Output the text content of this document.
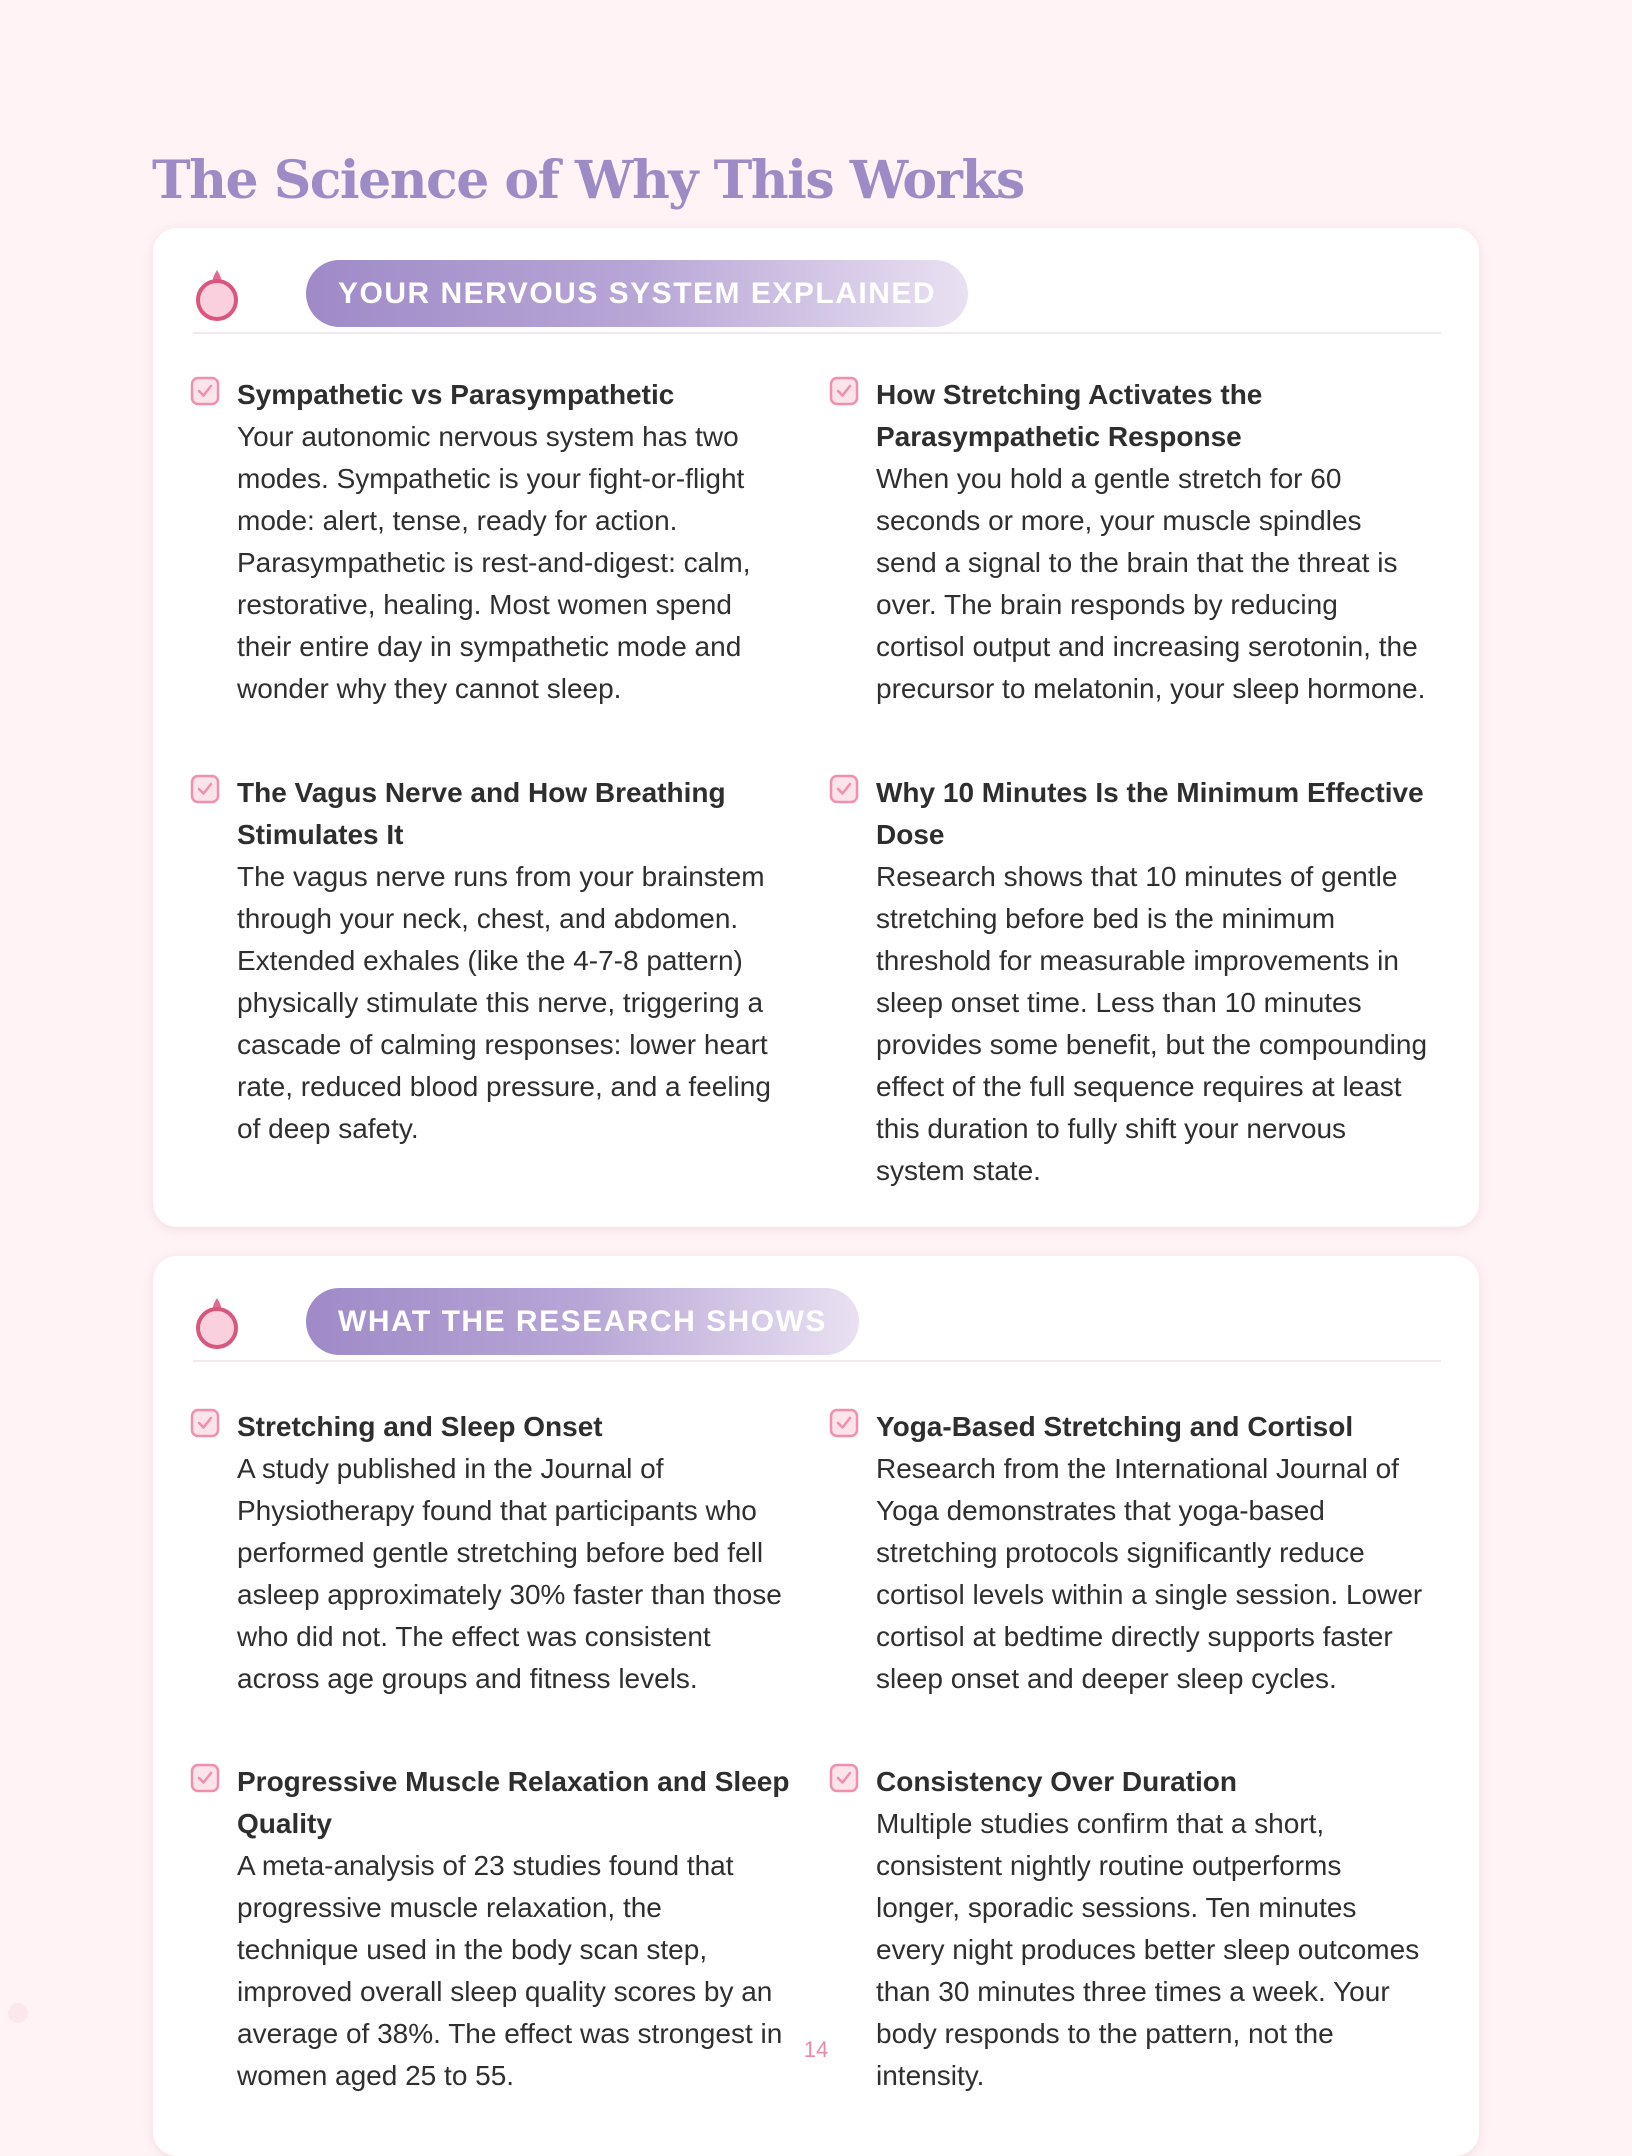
The Science of Why This Works
YOUR NERVOUS SYSTEM EXPLAINED
Sympathetic vs Parasympathetic
Your autonomic nervous system has two modes. Sympathetic is your fight-or-flight mode: alert, tense, ready for action. Parasympathetic is rest-and-digest: calm, restorative, healing. Most women spend their entire day in sympathetic mode and wonder why they cannot sleep.
How Stretching Activates the Parasympathetic Response
When you hold a gentle stretch for 60 seconds or more, your muscle spindles send a signal to the brain that the threat is over. The brain responds by reducing cortisol output and increasing serotonin, the precursor to melatonin, your sleep hormone.
The Vagus Nerve and How Breathing Stimulates It
The vagus nerve runs from your brainstem through your neck, chest, and abdomen. Extended exhales (like the 4-7-8 pattern) physically stimulate this nerve, triggering a cascade of calming responses: lower heart rate, reduced blood pressure, and a feeling of deep safety.
Why 10 Minutes Is the Minimum Effective Dose
Research shows that 10 minutes of gentle stretching before bed is the minimum threshold for measurable improvements in sleep onset time. Less than 10 minutes provides some benefit, but the compounding effect of the full sequence requires at least this duration to fully shift your nervous system state.
WHAT THE RESEARCH SHOWS
Stretching and Sleep Onset
A study published in the Journal of Physiotherapy found that participants who performed gentle stretching before bed fell asleep approximately 30% faster than those who did not. The effect was consistent across age groups and fitness levels.
Yoga-Based Stretching and Cortisol
Research from the International Journal of Yoga demonstrates that yoga-based stretching protocols significantly reduce cortisol levels within a single session. Lower cortisol at bedtime directly supports faster sleep onset and deeper sleep cycles.
Progressive Muscle Relaxation and Sleep Quality
A meta-analysis of 23 studies found that progressive muscle relaxation, the technique used in the body scan step, improved overall sleep quality scores by an average of 38%. The effect was strongest in women aged 25 to 55.
Consistency Over Duration
Multiple studies confirm that a short, consistent nightly routine outperforms longer, sporadic sessions. Ten minutes every night produces better sleep outcomes than 30 minutes three times a week. Your body responds to the pattern, not the intensity.
14
